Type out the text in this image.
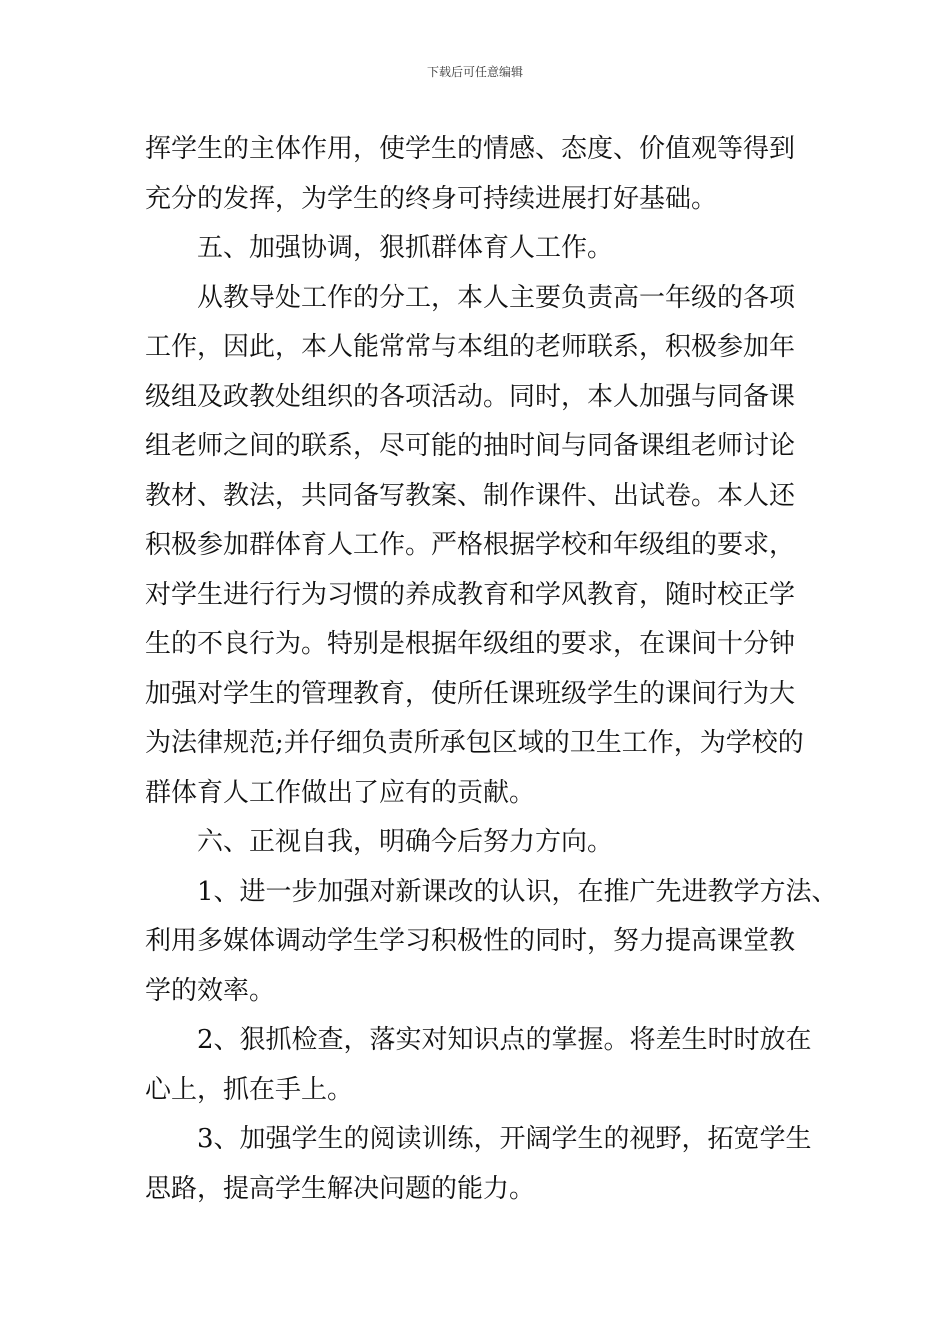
下载后可任意编辑
挥学生的主体作用，使学生的情感、态度、价值观等得到
充分的发挥，为学生的终身可持续进展打好基础。
五、加强协调，狠抓群体育人工作。
从教导处工作的分工，本人主要负责高一年级的各项
工作，因此，本人能常常与本组的老师联系，积极参加年
级组及政教处组织的各项活动。同时，本人加强与同备课
组老师之间的联系，尽可能的抽时间与同备课组老师讨论
教材、教法，共同备写教案、制作课件、出试卷。本人还
积极参加群体育人工作。严格根据学校和年级组的要求，
对学生进行行为习惯的养成教育和学风教育，随时校正学
生的不良行为。特别是根据年级组的要求，在课间十分钟
加强对学生的管理教育，使所任课班级学生的课间行为大
为法律规范;并仔细负责所承包区域的卫生工作，为学校的
群体育人工作做出了应有的贡献。
六、正视自我，明确今后努力方向。
1、进一步加强对新课改的认识，在推广先进教学方法、
利用多媒体调动学生学习积极性的同时，努力提高课堂教
学的效率。
2、狠抓检查，落实对知识点的掌握。将差生时时放在
心上，抓在手上。
3、加强学生的阅读训练，开阔学生的视野，拓宽学生
思路，提高学生解决问题的能力。
